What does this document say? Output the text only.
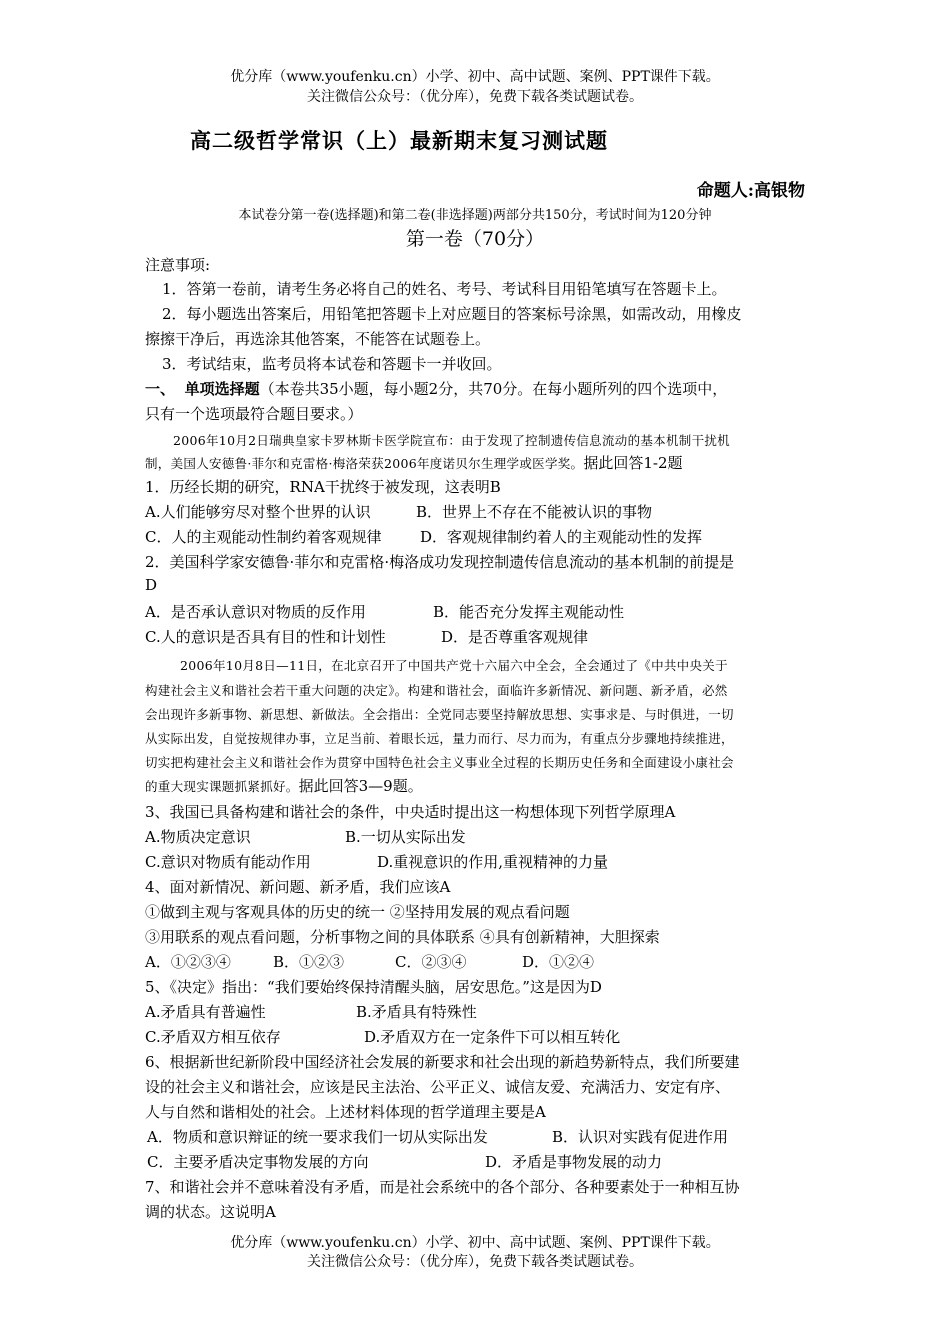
优分库（www.youfenku.cn）小学、初中、高中试题、案例、PPT课件下载。
关注微信公众号：（优分库），免费下载各类试题试卷。
高二级哲学常识（上）最新期末复习测试题
命题人:高银物
本试卷分第一卷(选择题)和第二卷(非选择题)两部分共150分，考试时间为120分钟
第一卷（70分）
注意事项:
1．答第一卷前，请考生务必将自己的姓名、考号、考试科目用铅笔填写在答题卡上。
2．每小题选出答案后，用铅笔把答题卡上对应题目的答案标号涂黑，如需改动，用橡皮
擦擦干净后，再选涂其他答案，不能答在试题卷上。
3．考试结束，监考员将本试卷和答题卡一并收回。
一、 单项选择题（本卷共35小题，每小题2分，共70分。在每小题所列的四个选项中，
只有一个选项最符合题目要求。）
2006年10月2日瑞典皇家卡罗林斯卡医学院宣布：由于发现了控制遗传信息流动的基本机制干扰机
制，美国人安德鲁·菲尔和克雷格·梅洛荣获2006年度诺贝尔生理学或医学奖。据此回答1-2题
1．历经长期的研究，RNA干扰终于被发现，这表明B
A.人们能够穷尽对整个世界的认识	B．世界上不存在不能被认识的事物
C．人的主观能动性制约着客观规律	D．客观规律制约着人的主观能动性的发挥
2．美国科学家安德鲁·菲尔和克雷格·梅洛成功发现控制遗传信息流动的基本机制的前提是
D
A．是否承认意识对物质的反作用	B．能否充分发挥主观能动性
C.人的意识是否具有目的性和计划性	D．是否尊重客观规律
2006年10月8日—11日，在北京召开了中国共产党十六届六中全会，全会通过了《中共中央关于
构建社会主义和谐社会若干重大问题的决定》。构建和谐社会，面临许多新情况、新问题、新矛盾，必然
会出现许多新事物、新思想、新做法。全会指出：全党同志要坚持解放思想、实事求是、与时俱进，一切
从实际出发，自觉按规律办事，立足当前、着眼长远，量力而行、尽力而为，有重点分步骤地持续推进，
切实把构建社会主义和谐社会作为贯穿中国特色社会主义事业全过程的长期历史任务和全面建设小康社会
的重大现实课题抓紧抓好。据此回答3—9题。
3、我国已具备构建和谐社会的条件，中央适时提出这一构想体现下列哲学原理A
A.物质决定意识	B.一切从实际出发
C.意识对物质有能动作用	D.重视意识的作用,重视精神的力量
4、面对新情况、新问题、新矛盾，我们应该A
①做到主观与客观具体的历史的统一 ②坚持用发展的观点看问题
③用联系的观点看问题，分析事物之间的具体联系 ④具有创新精神，大胆探索
A．①②③④	B．①②③	C．②③④	D．①②④
5、《决定》指出：“我们要始终保持清醒头脑，居安思危。”这是因为D
A.矛盾具有普遍性	B.矛盾具有特殊性
C.矛盾双方相互依存	D.矛盾双方在一定条件下可以相互转化
6、根据新世纪新阶段中国经济社会发展的新要求和社会出现的新趋势新特点，我们所要建
设的社会主义和谐社会，应该是民主法治、公平正义、诚信友爱、充满活力、安定有序、
人与自然和谐相处的社会。上述材料体现的哲学道理主要是A
A．物质和意识辩证的统一要求我们一切从实际出发	B．认识对实践有促进作用
C．主要矛盾决定事物发展的方向	D．矛盾是事物发展的动力
7、和谐社会并不意味着没有矛盾，而是社会系统中的各个部分、各种要素处于一种相互协
调的状态。这说明A
优分库（www.youfenku.cn）小学、初中、高中试题、案例、PPT课件下载。
关注微信公众号：（优分库），免费下载各类试题试卷。
